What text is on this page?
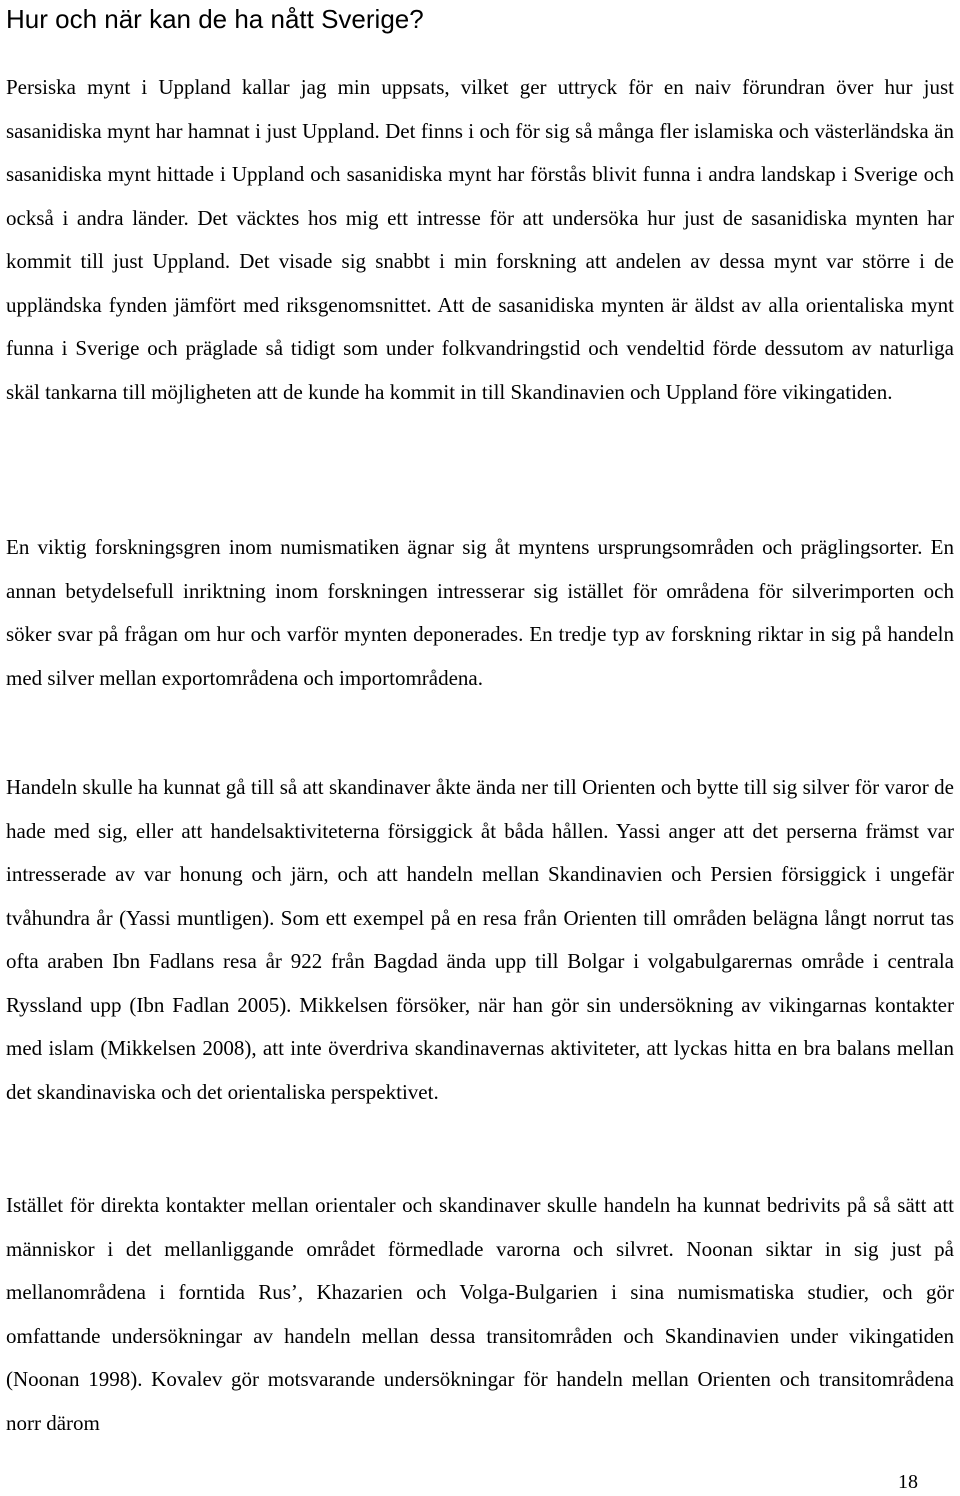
Hur och när kan de ha nått Sverige?

Persiska mynt i Uppland kallar jag min uppsats, vilket ger uttryck för en naiv förundran över hur just sasanidiska mynt har hamnat i just Uppland. Det finns i och för sig så många fler islamiska och västerländska än sasanidiska mynt hittade i Uppland och sasanidiska mynt har förstås blivit funna i andra landskap i Sverige och också i andra länder. Det väcktes hos mig ett intresse för att undersöka hur just de sasanidiska mynten har kommit till just Uppland. Det visade sig snabbt i min forskning att andelen av dessa mynt var större i de uppländska fynden jämfört med riksgenomsnittet. Att de sasanidiska mynten är äldst av alla orientaliska mynt funna i Sverige och präglade så tidigt som under folkvandringstid och vendeltid förde dessutom av naturliga skäl tankarna till möjligheten att de kunde ha kommit in till Skandinavien och Uppland före vikingatiden.

En viktig forskningsgren inom numismatiken ägnar sig åt myntens ursprungsområden och präglingsorter. En annan betydelsefull inriktning inom forskningen intresserar sig istället för områdena för silverimporten och söker svar på frågan om hur och varför mynten deponerades. En tredje typ av forskning riktar in sig på handeln med silver mellan exportområdena och importområdena.

Handeln skulle ha kunnat gå till så att skandinaver åkte ända ner till Orienten och bytte till sig silver för varor de hade med sig, eller att handelsaktiviteterna försiggick åt båda hållen. Yassi anger att det perserna främst var intresserade av var honung och järn, och att handeln mellan Skandinavien och Persien försiggick i ungefär tvåhundra år (Yassi muntligen). Som ett exempel på en resa från Orienten till områden belägna långt norrut tas ofta araben Ibn Fadlans resa år 922 från Bagdad ända upp till Bolgar i volgabulgarernas område i centrala Ryssland upp (Ibn Fadlan 2005). Mikkelsen försöker, när han gör sin undersökning av vikingarnas kontakter med islam (Mikkelsen 2008), att inte överdriva skandinavernas aktiviteter, att lyckas hitta en bra balans mellan det skandinaviska och det orientaliska perspektivet.

Istället för direkta kontakter mellan orientaler och skandinaver skulle handeln ha kunnat bedrivits på så sätt att människor i det mellanliggande området förmedlade varorna och silvret. Noonan siktar in sig just på mellanområdena i forntida Rus’, Khazarien och Volga-Bulgarien i sina numismatiska studier, och gör omfattande undersökningar av handeln mellan dessa transitområden och Skandinavien under vikingatiden (Noonan 1998). Kovalev gör motsvarande undersökningar för handeln mellan Orienten och transitområdena norr därom

18
